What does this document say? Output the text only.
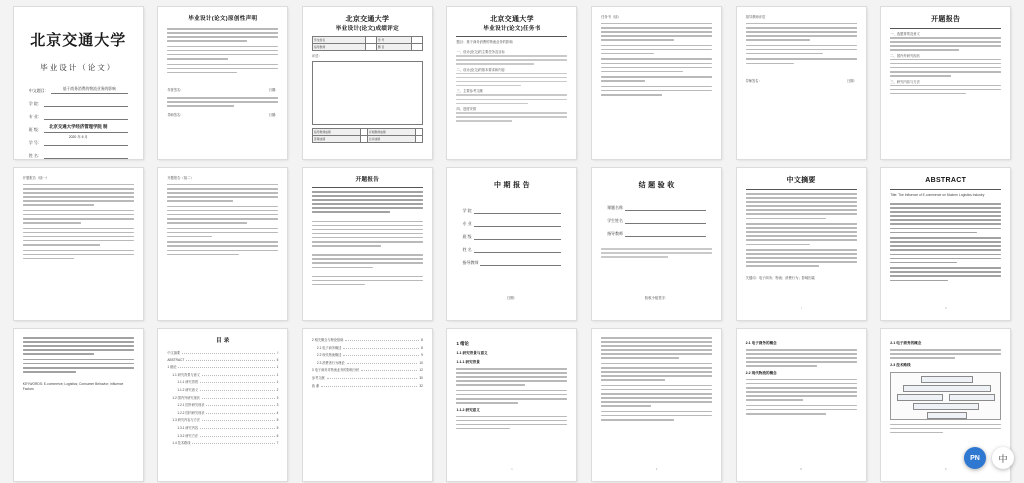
北京交通大学
毕业设计（论文）
中文题目：	基于商务消费的物流业务的影响
学 院：
专 业：
班 级：
学 号：
姓 名：
北京交通大学经济管理学院 制
2020 年 6 月
毕业设计(论文)原创性声明
作者签名：	日期：
导师签名：	日期：
北京交通大学
毕业设计(论文)成绩评定
学生姓名		学 号	
指导教师		题 目	
评语：
指导教师成绩		评阅教师成绩	
答辩成绩		总评成绩	
北京交通大学
毕业设计(论文)任务书
题目：基于商务消费的物流业务的影响
一、设计(论文)的主要任务及目标
二、设计(论文)的基本要求和内容
三、主要参考文献
四、进度安排
任务书（续）	指导教师评语
导师签名：	日期：
开题报告
一、选题背景及意义
二、国内外研究现状
三、研究内容与方法
开题报告（续一）	开题报告（续二）	开题报告
中 期 报 告
学 院
专 业
班 级
姓 名
指导教师
日期：
结 题 验 收
课题名称
学生姓名
指导教师
验收小组签字：
中文摘要
关键词：电子商务；物流；消费行为；影响因素
I
ABSTRACT
Title: The Influence of E-commerce on Modern Logistics Industry
II
KEYWORDS: E-commerce; Logistics; Consumer Behavior; Influence Factors
目 录
中文摘要	I
ABSTRACT	II
1 绪论	1
1.1 研究背景与意义	1
1.1.1 研究背景	1
1.1.2 研究意义	2
1.2 国内外研究现状	3
1.2.1 国外研究现状	3
1.2.2 国内研究现状	4
1.3 研究内容与方法	5
1.3.1 研究内容	5
1.3.2 研究方法	6
1.4 技术路线	7
2 相关概念与理论基础	8
2.1 电子商务概述	8
2.2 现代物流概述	9
2.3 消费者行为理论	10
3 电子商务对物流业务的影响分析	12
参考文献	30
致 谢	32
1 绪论
1.1 研究背景与意义
1.1.1 研究背景
1.1.2 研究意义
1	2
2.1 电子商务的概念
2.2 现代物流的概念
8
2.1 电子商务的概念
2.3 技术路线
9
PN	中
